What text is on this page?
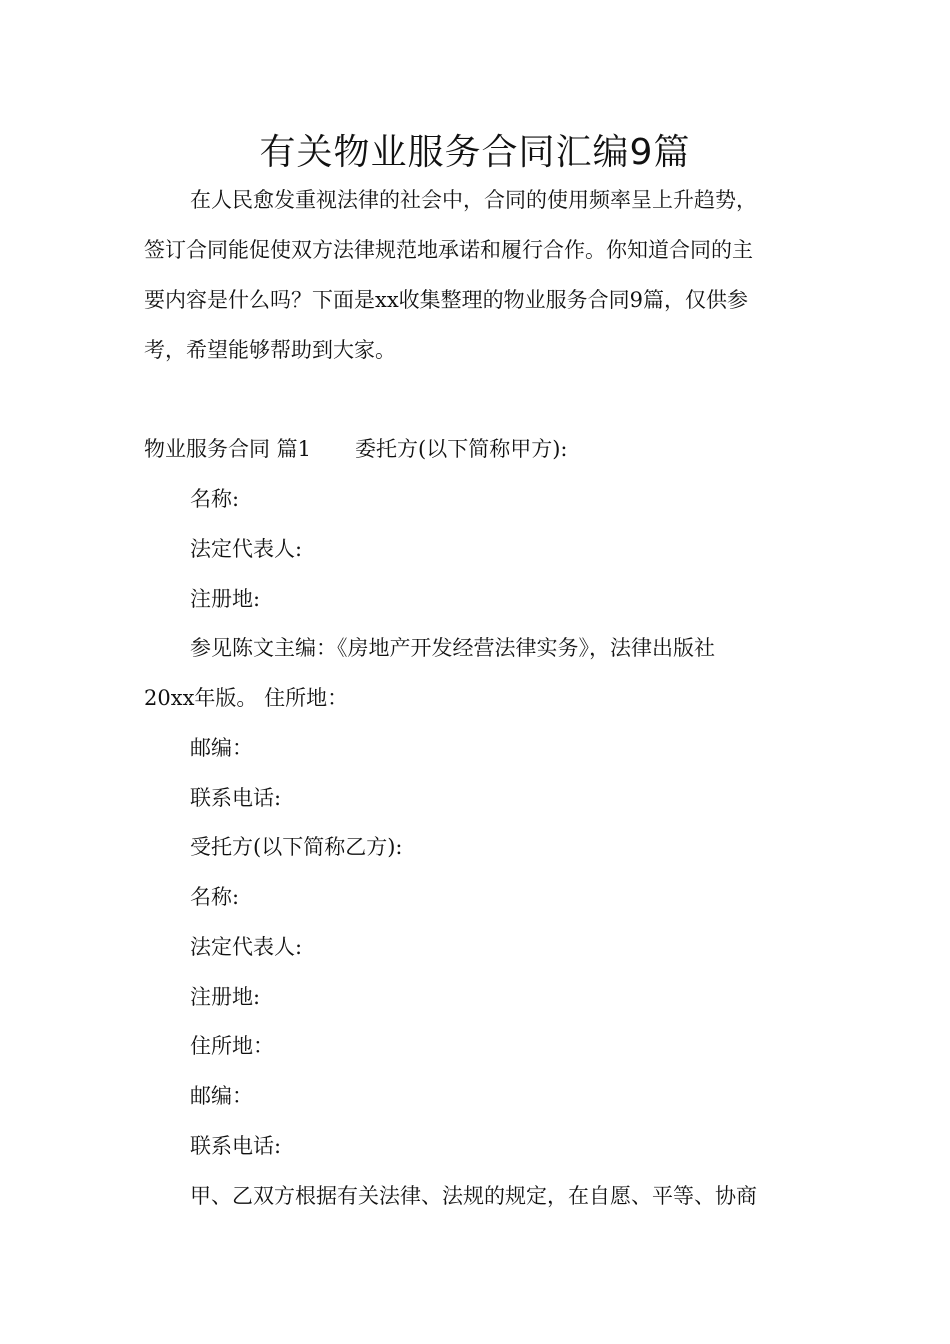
有关物业服务合同汇编9篇
在人民愈发重视法律的社会中，合同的使用频率呈上升趋势，
签订合同能促使双方法律规范地承诺和履行合作。你知道合同的主
要内容是什么吗？下面是xx收集整理的物业服务合同9篇，仅供参
考，希望能够帮助到大家。
物业服务合同 篇1 委托方(以下简称甲方):
名称:
法定代表人:
注册地:
参见陈文主编：《房地产开发经营法律实务》，法律出版社
20xx年版。 住所地：
邮编：
联系电话:
受托方(以下简称乙方):
名称:
法定代表人:
注册地:
住所地：
邮编：
联系电话:
甲、乙双方根据有关法律、法规的规定，在自愿、平等、协商
